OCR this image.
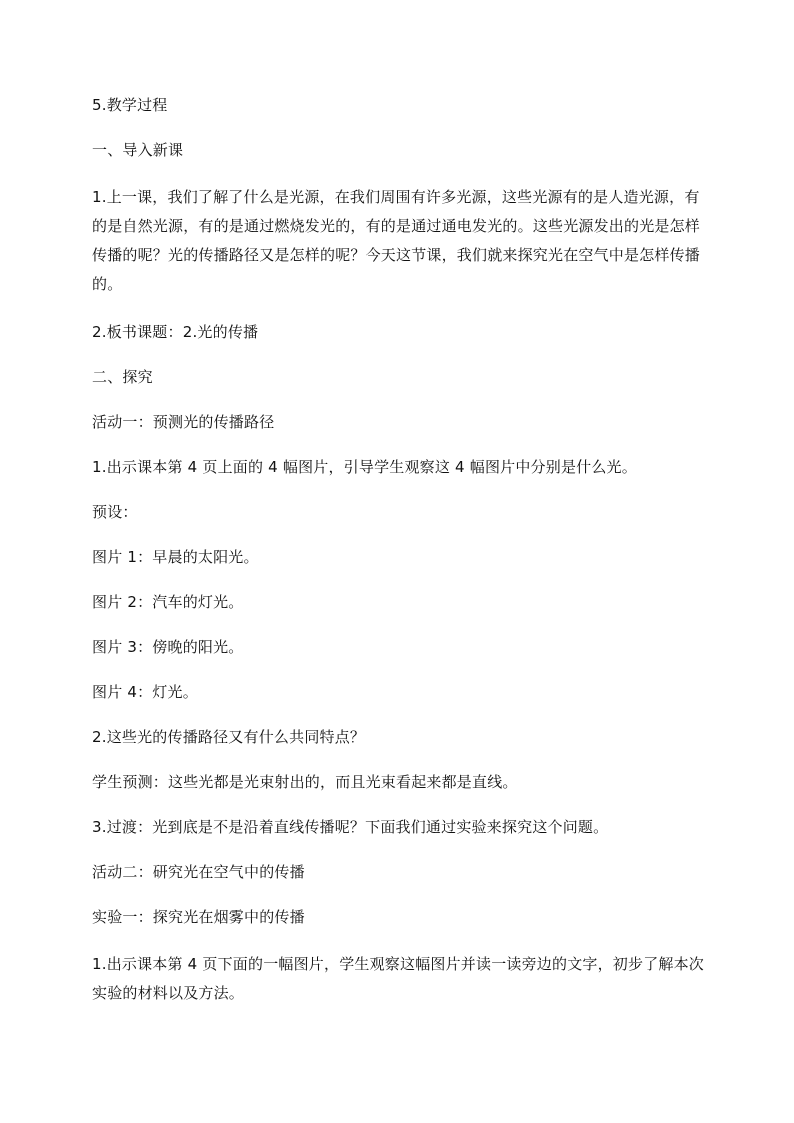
5.教学过程

一、导入新课

1.上一课，我们了解了什么是光源，在我们周围有许多光源，这些光源有的是人造光源，有的是自然光源，有的是通过燃烧发光的，有的是通过通电发光的。这些光源发出的光是怎样传播的呢？光的传播路径又是怎样的呢？今天这节课，我们就来探究光在空气中是怎样传播的。

2.板书课题：2.光的传播

二、探究

活动一：预测光的传播路径

1.出示课本第 4 页上面的 4 幅图片，引导学生观察这 4 幅图片中分别是什么光。

预设：

图片 1：早晨的太阳光。

图片 2：汽车的灯光。

图片 3：傍晚的阳光。

图片 4：灯光。

2.这些光的传播路径又有什么共同特点？

学生预测：这些光都是光束射出的，而且光束看起来都是直线。

3.过渡：光到底是不是沿着直线传播呢？下面我们通过实验来探究这个问题。

活动二：研究光在空气中的传播

实验一：探究光在烟雾中的传播

1.出示课本第 4 页下面的一幅图片，学生观察这幅图片并读一读旁边的文字，初步了解本次实验的材料以及方法。
